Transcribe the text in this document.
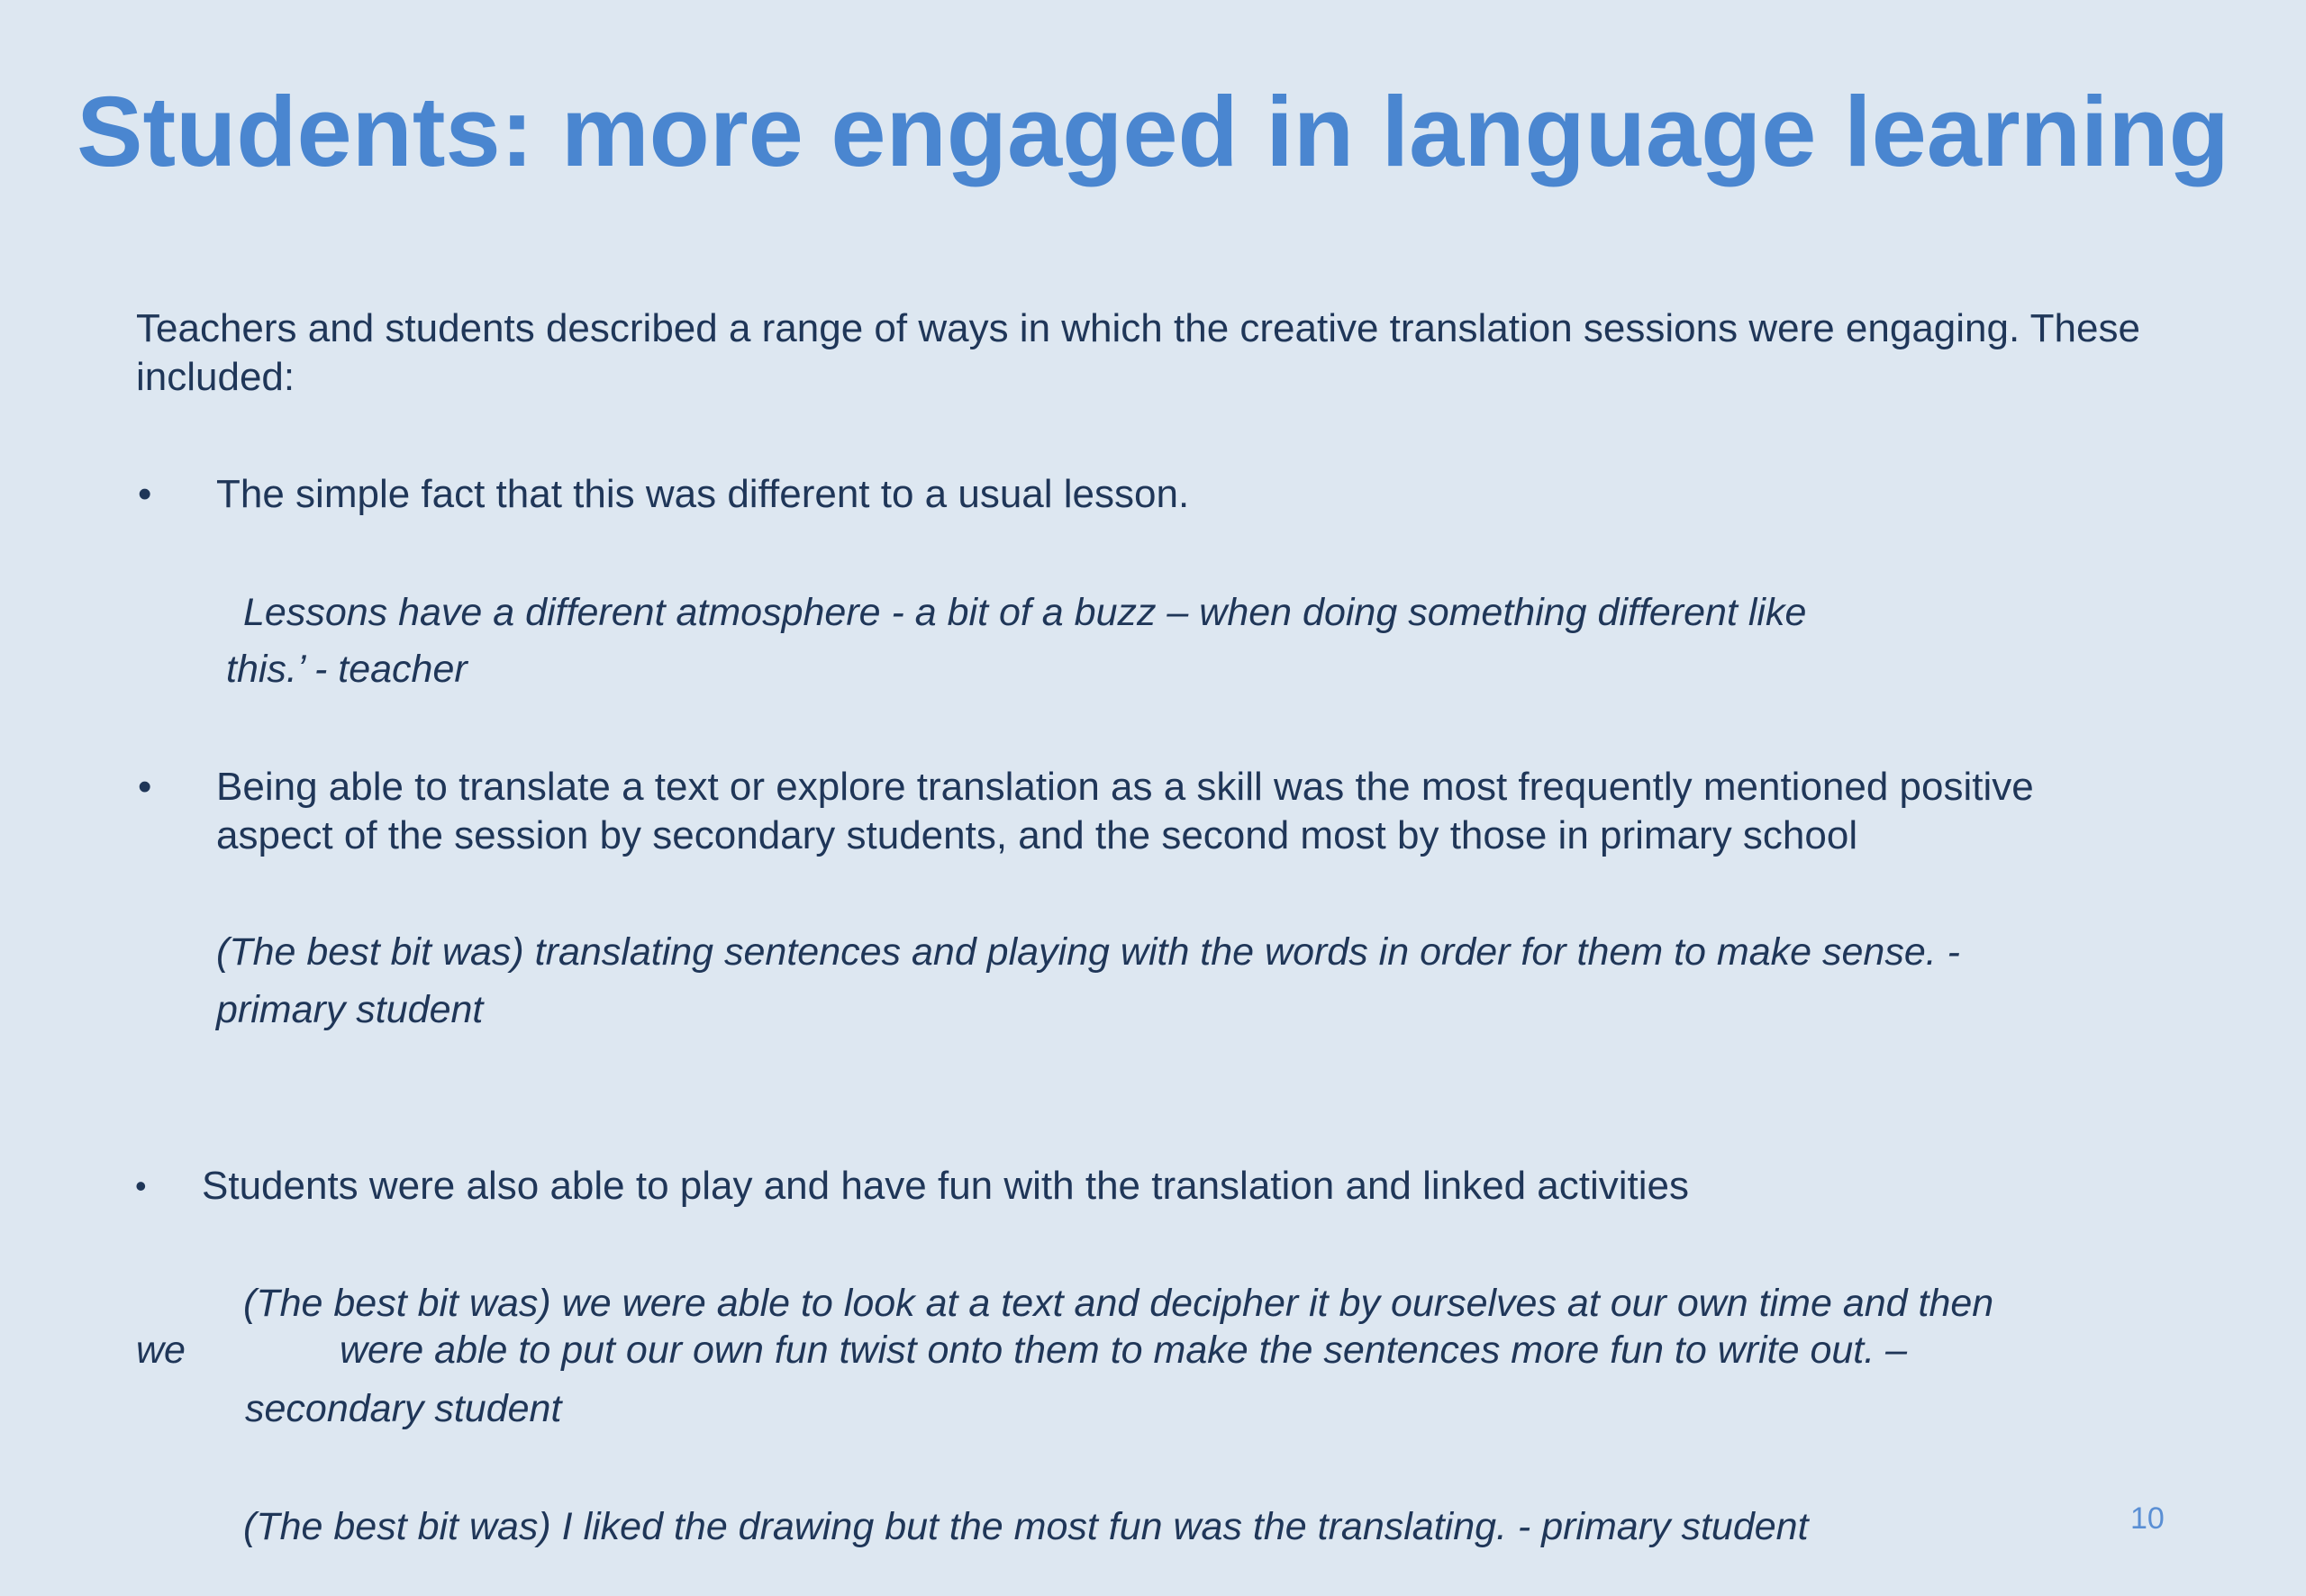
Students: more engaged in language learning
Teachers and students described a range of ways in which the creative translation sessions were engaging. These included:
• The simple fact that this was different to a usual lesson.
Lessons have a different atmosphere - a bit of a buzz – when doing something different like
this.’ - teacher
• Being able to translate a text or explore translation as a skill was the most frequently mentioned positive aspect of the session by secondary students, and the second most by those in primary school
(The best bit was) translating sentences and playing with the words in order for them to make sense. -
primary student
• Students were also able to play and have fun with the translation and linked activities
(The best bit was) we were able to look at a text and decipher it by ourselves at our own time and then
we	were able to put our own fun twist onto them to make the sentences more fun to write out. –
secondary student
(The best bit was) I liked the drawing but the most fun was the translating. - primary student	10
